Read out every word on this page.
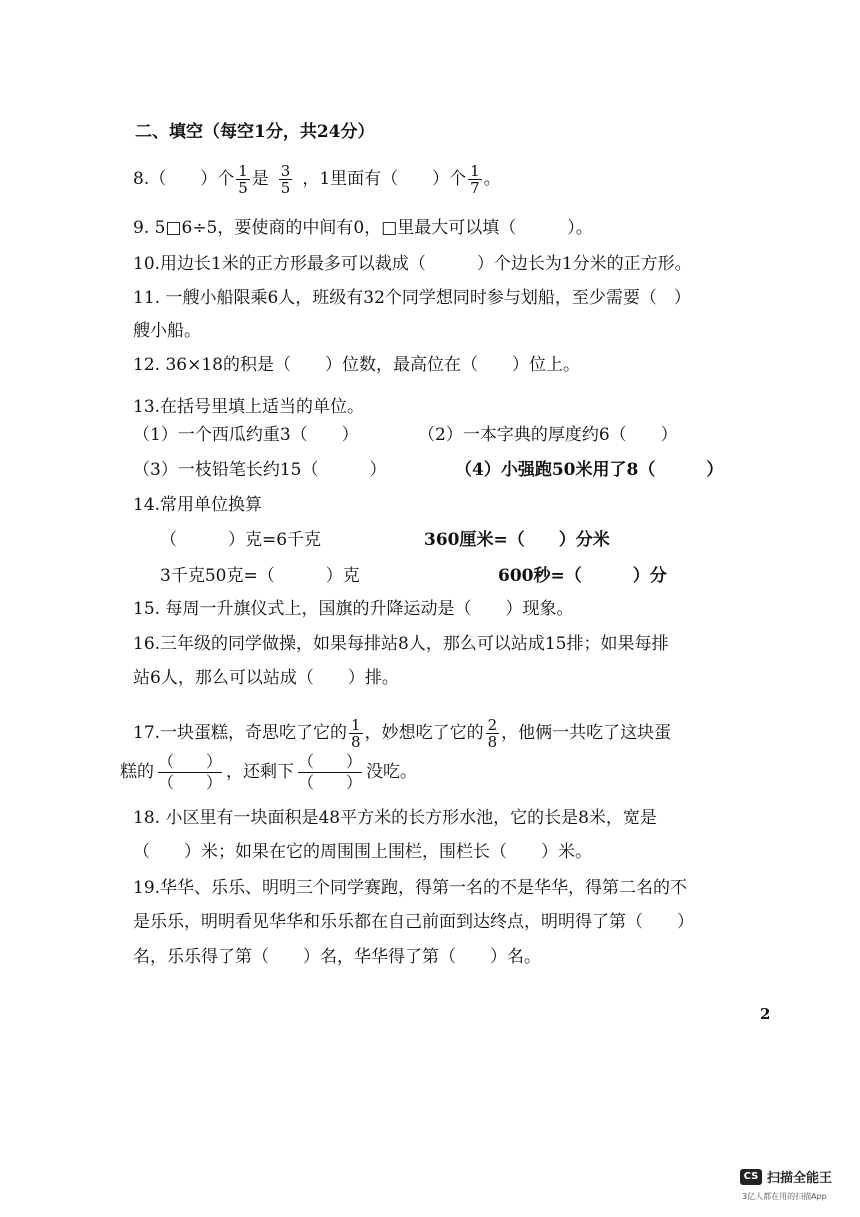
二、填空（每空1分，共24分）
8.（　　）个 $\frac{1}{5}$ 是 $\frac{3}{5}$ ，1里面有（　　）个 $\frac{1}{7}$ 。
9. 5□6÷5，要使商的中间有0，□里最大可以填（　　　）。
10.用边长1米的正方形最多可以裁成（　　　）个边长为1分米的正方形。
11. 一艘小船限乘6人，班级有32个同学想同时参与划船，至少需要（　）
艘小船。
12. 36×18的积是（　　）位数，最高位在（　　）位上。
13.在括号里填上适当的单位。
（1）一个西瓜约重3（　　）	（2）一本字典的厚度约6（　　）
（3）一枝铅笔长约15（　　　）	（4）小强跑50米用了8（　　　）
14.常用单位换算
（　　　）克=6千克	360厘米=（　　）分米
3千克50克=（　　　）克	600秒=（　　　）分
15. 每周一升旗仪式上，国旗的升降运动是（　　）现象。
16.三年级的同学做操，如果每排站8人，那么可以站成15排；如果每排
站6人，那么可以站成（　　）排。
17.一块蛋糕，奇思吃了它的 $\frac{1}{8}$ ，妙想吃了它的 $\frac{2}{8}$ ，他俩一共吃了这块蛋
糕的
（　　）
（　　）
，还剩下
（　　）
（　　）
没吃。
18. 小区里有一块面积是48平方米的长方形水池，它的长是8米，宽是
（　　）米；如果在它的周围围上围栏，围栏长（　　）米。
19.华华、乐乐、明明三个同学赛跑，得第一名的不是华华，得第二名的不
是乐乐，明明看见华华和乐乐都在自己前面到达终点，明明得了第（　　）
名，乐乐得了第（　　）名，华华得了第（　　）名。
2
CS 扫描全能王
3亿人都在用的扫描App
